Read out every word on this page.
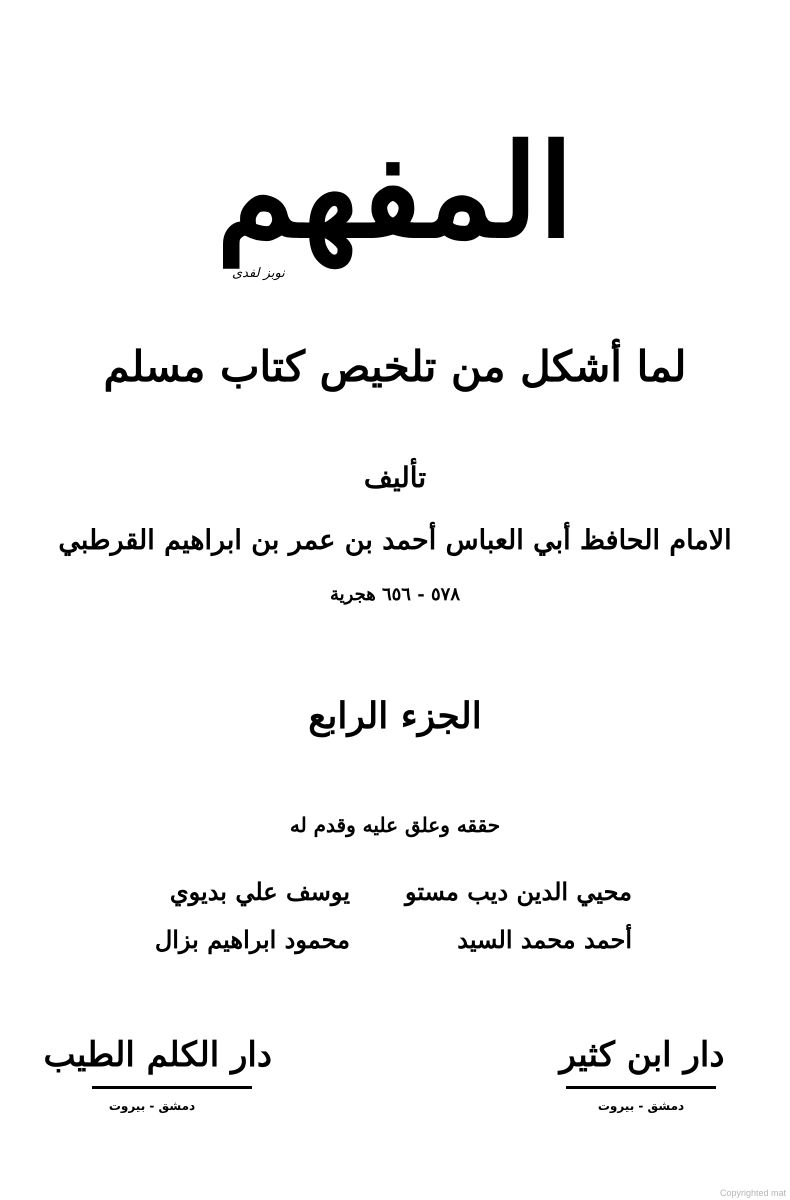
المفهم
نوبز لفدى
لما أشكل من تلخيص كتاب مسلم
تأليف
الامام الحافظ أبي العباس أحمد بن عمر بن ابراهيم القرطبي
٥٧٨ - ٦٥٦ هجرية
الجزء الرابع
حققه وعلق عليه وقدم له
محيي الدين ديب مستو
أحمد محمد السيد
يوسف علي بديوي
محمود ابراهيم بزال
دار ابن كثير
دمشق - بيروت
دار الكلم الطيب
دمشق - بيروت
Copyrighted mat
